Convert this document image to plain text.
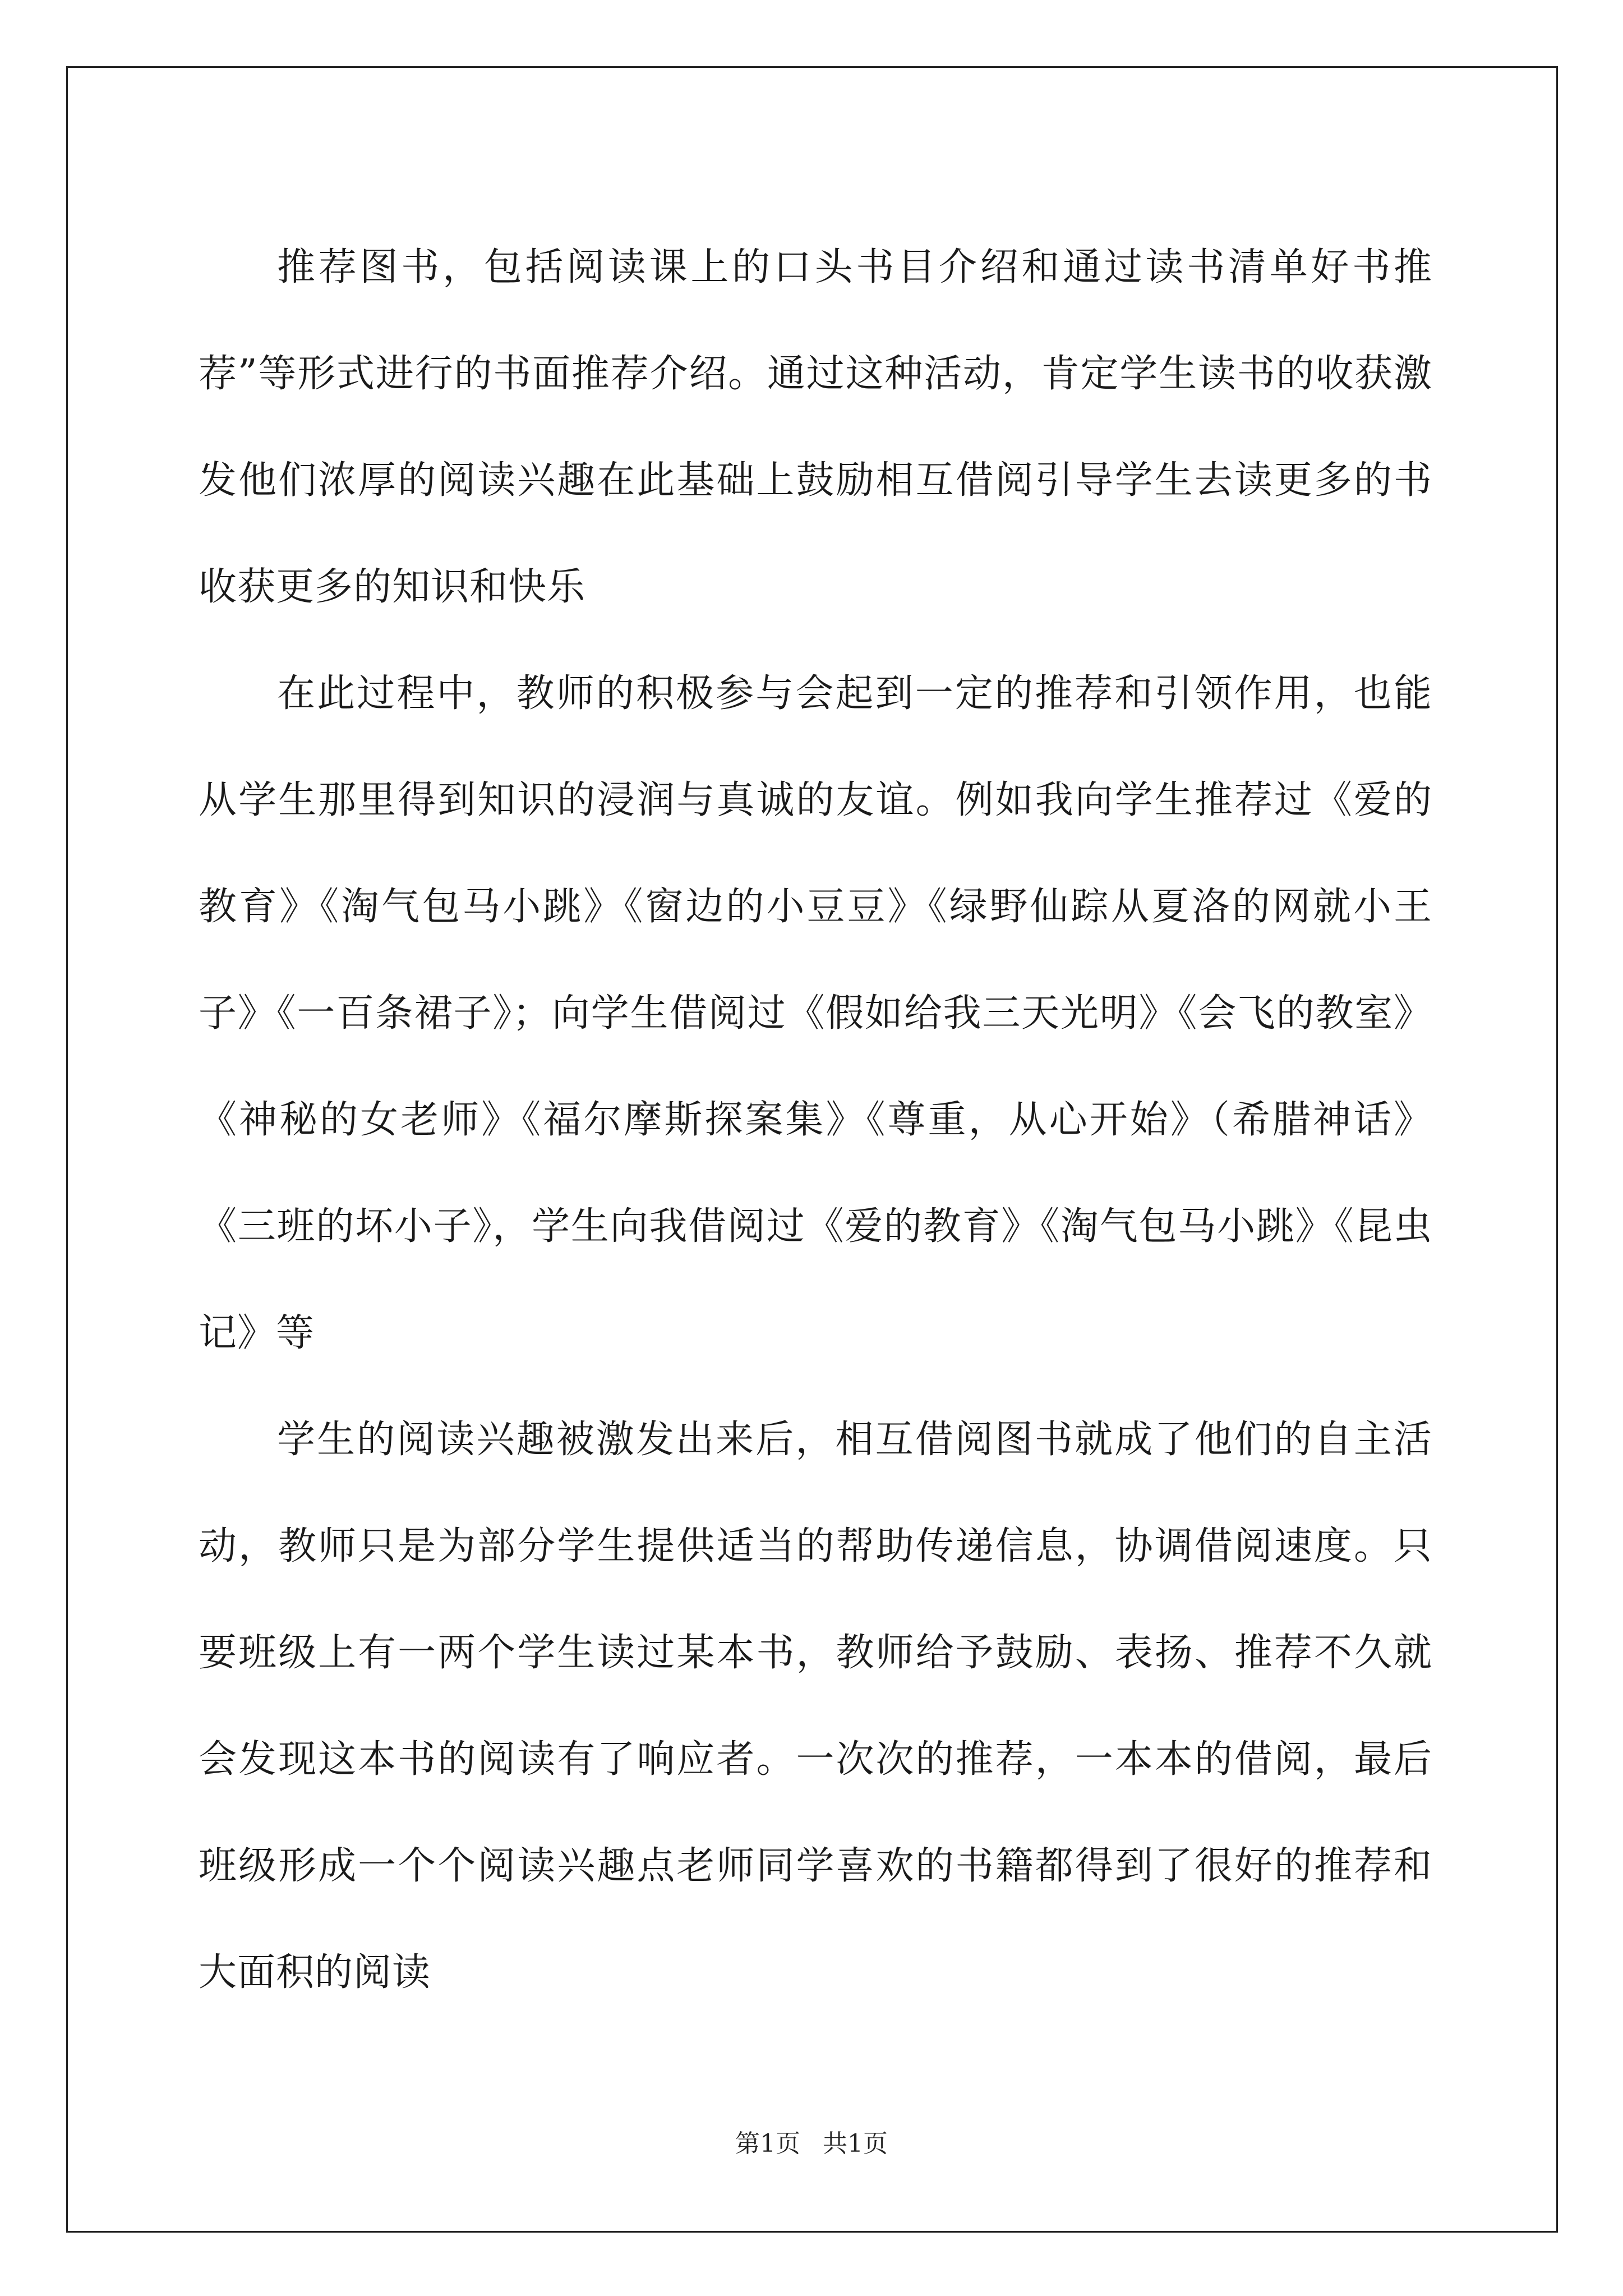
推荐图书，包括阅读课上的口头书目介绍和通过读书清单好书推荐”等形式进行的书面推荐介绍。通过这种活动，肯定学生读书的收获激发他们浓厚的阅读兴趣在此基础上鼓励相互借阅引导学生去读更多的书收获更多的知识和快乐

在此过程中，教师的积极参与会起到一定的推荐和引领作用，也能从学生那里得到知识的浸润与真诚的友谊。例如我向学生推荐过《爱的教育》《淘气包马小跳》《窗边的小豆豆》《绿野仙踪从夏洛的网就小王子》《一百条裙子》；向学生借阅过《假如给我三天光明》《会飞的教室》《神秘的女老师》《福尔摩斯探案集》《尊重，从心开始》（希腊神话》《三班的坏小子》，学生向我借阅过《爱的教育》《淘气包马小跳》《昆虫记》等

学生的阅读兴趣被激发出来后，相互借阅图书就成了他们的自主活动，教师只是为部分学生提供适当的帮助传递信息，协调借阅速度。只要班级上有一两个学生读过某本书，教师给予鼓励、表扬、推荐不久就会发现这本书的阅读有了响应者。一次次的推荐，一本本的借阅，最后班级形成一个个阅读兴趣点老师同学喜欢的书籍都得到了很好的推荐和大面积的阅读

第1页 共1页
